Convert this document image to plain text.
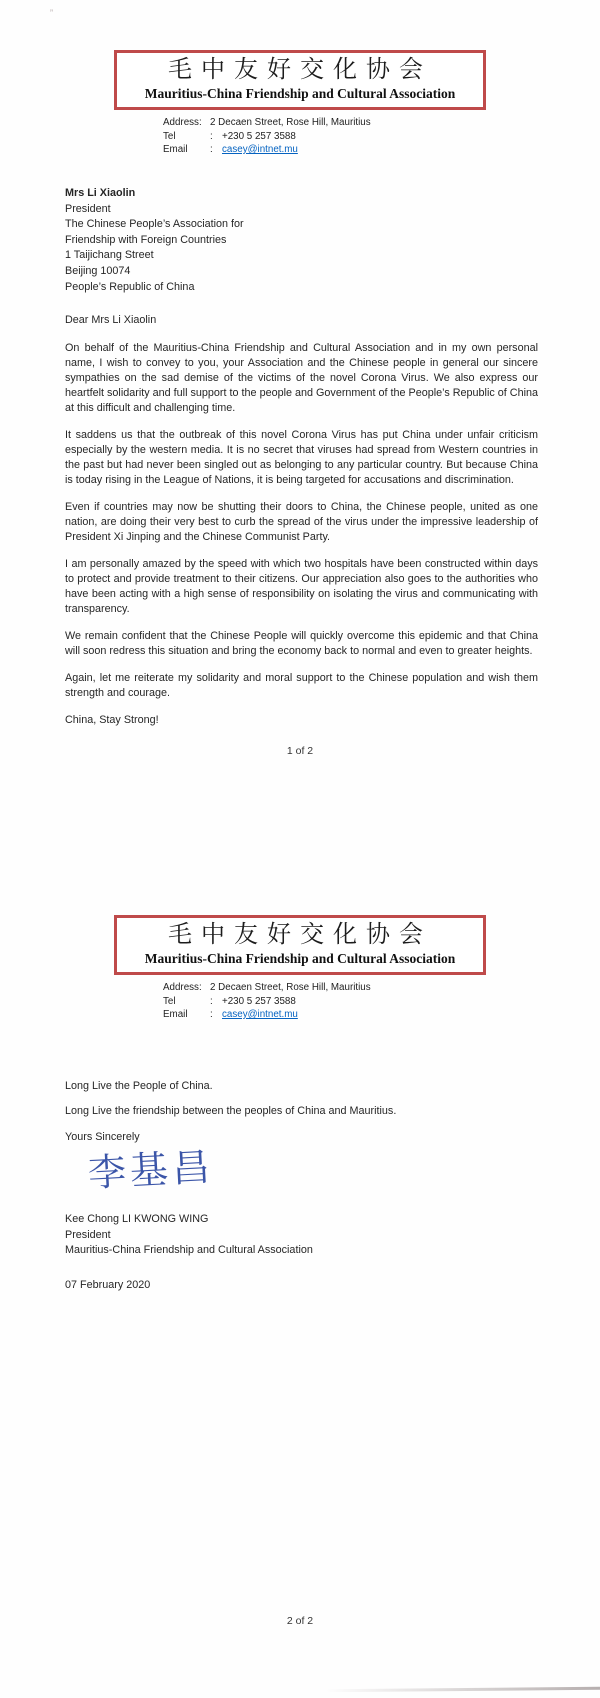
”
毛中友好交化协会
Mauritius-China Friendship and Cultural Association
Address: 2 Decaen Street, Rose Hill, Mauritius
Tel	: +230 5 257 3588
Email	: casey@intnet.mu
Mrs Li Xiaolin
President
The Chinese People’s Association for
Friendship with Foreign Countries
1 Taijichang Street
Beijing 10074
People’s Republic of China
Dear Mrs Li Xiaolin

On behalf of the Mauritius-China Friendship and Cultural Association and in my own personal name, I wish to convey to you, your Association and the Chinese people in general our sincere sympathies on the sad demise of the victims of the novel Corona Virus. We also express our heartfelt solidarity and full support to the people and Government of the People’s Republic of China at this difficult and challenging time.

It saddens us that the outbreak of this novel Corona Virus has put China under unfair criticism especially by the western media. It is no secret that viruses had spread from Western countries in the past but had never been singled out as belonging to any particular country. But because China is today rising in the League of Nations, it is being targeted for accusations and discrimination.

Even if countries may now be shutting their doors to China, the Chinese people, united as one nation, are doing their very best to curb the spread of the virus under the impressive leadership of President Xi Jinping and the Chinese Communist Party.

I am personally amazed by the speed with which two hospitals have been constructed within days to protect and provide treatment to their citizens. Our appreciation also goes to the authorities who have been acting with a high sense of responsibility on isolating the virus and communicating with transparency.

We remain confident that the Chinese People will quickly overcome this epidemic and that China will soon redress this situation and bring the economy back to normal and even to greater heights.

Again, let me reiterate my solidarity and moral support to the Chinese population and wish them strength and courage.

China, Stay Strong!

1 of 2
毛中友好交化协会
Mauritius-China Friendship and Cultural Association
Address: 2 Decaen Street, Rose Hill, Mauritius
Tel	: +230 5 257 3588
Email	: casey@intnet.mu
Long Live the People of China.
Long Live the friendship between the peoples of China and Mauritius.
Yours Sincerely
李基昌
Kee Chong LI KWONG WING
President
Mauritius-China Friendship and Cultural Association
07 February 2020
2 of 2
